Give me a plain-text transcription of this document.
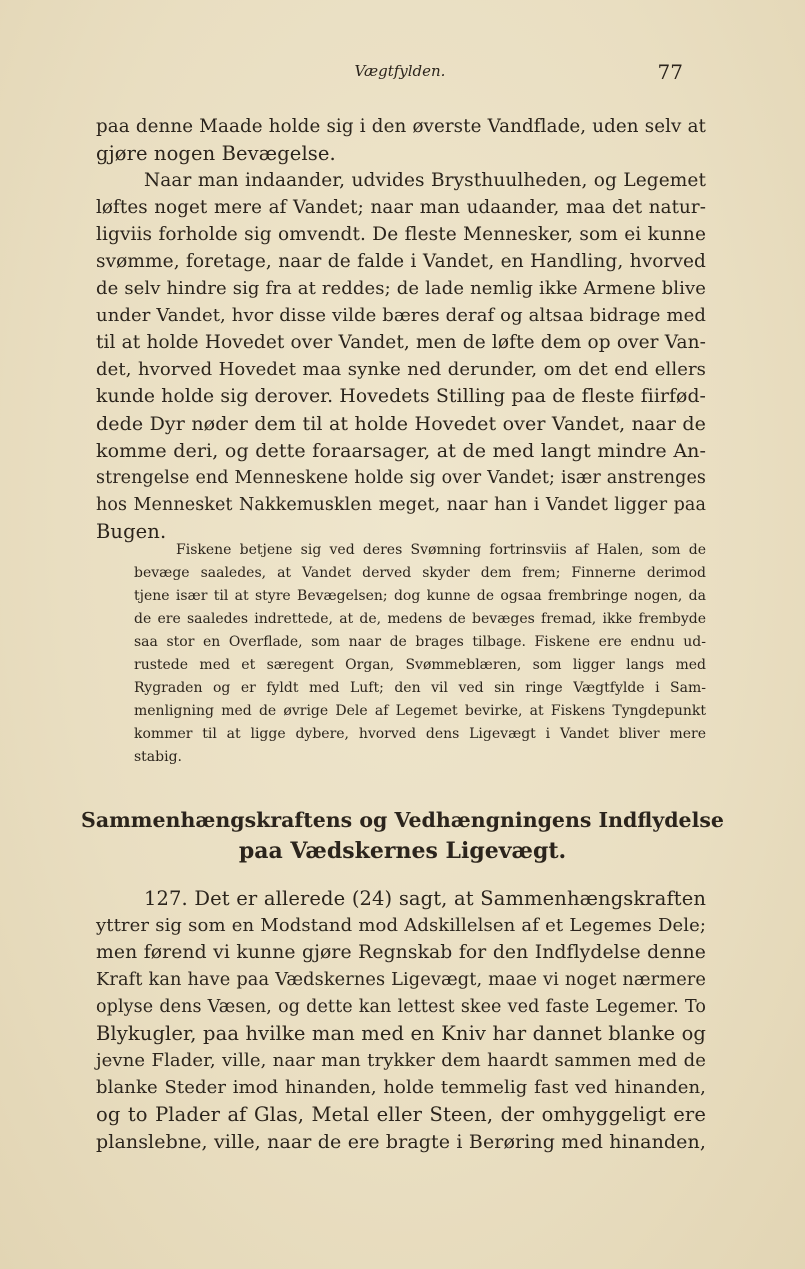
Vægtfylden.	77
paa denne Maade holde sig i den øverste Vandflade, uden selv at
gjøre nogen Bevægelse.
Naar man indaander, udvides Brysthuulheden, og Legemet
løftes noget mere af Vandet; naar man udaander, maa det natur-
ligviis forholde sig omvendt. De fleste Mennesker, som ei kunne
svømme, foretage, naar de falde i Vandet, en Handling, hvorved
de selv hindre sig fra at reddes; de lade nemlig ikke Armene blive
under Vandet, hvor disse vilde bæres deraf og altsaa bidrage med
til at holde Hovedet over Vandet, men de løfte dem op over Van-
det, hvorved Hovedet maa synke ned derunder, om det end ellers
kunde holde sig derover. Hovedets Stilling paa de fleste fiirfød-
dede Dyr nøder dem til at holde Hovedet over Vandet, naar de
komme deri, og dette foraarsager, at de med langt mindre An-
strengelse end Menneskene holde sig over Vandet; især anstrenges
hos Mennesket Nakkemusklen meget, naar han i Vandet ligger paa
Bugen.
Fiskene betjene sig ved deres Svømning fortrinsviis af Halen, som de
bevæge saaledes, at Vandet derved skyder dem frem; Finnerne derimod
tjene især til at styre Bevægelsen; dog kunne de ogsaa frembringe nogen, da
de ere saaledes indrettede, at de, medens de bevæges fremad, ikke frembyde
saa stor en Overflade, som naar de brages tilbage. Fiskene ere endnu ud-
rustede med et særegent Organ, Svømmeblæren, som ligger langs med
Rygraden og er fyldt med Luft; den vil ved sin ringe Vægtfylde i Sam-
menligning med de øvrige Dele af Legemet bevirke, at Fiskens Tyngdepunkt
kommer til at ligge dybere, hvorved dens Ligevægt i Vandet bliver mere
stabig.
Sammenhængskraftens og Vedhængningens Indflydelse
paa Vædskernes Ligevægt.
127. Det er allerede (24) sagt, at Sammenhængskraften
yttrer sig som en Modstand mod Adskillelsen af et Legemes Dele;
men førend vi kunne gjøre Regnskab for den Indflydelse denne
Kraft kan have paa Vædskernes Ligevægt, maae vi noget nærmere
oplyse dens Væsen, og dette kan lettest skee ved faste Legemer. To
Blykugler, paa hvilke man med en Kniv har dannet blanke og
jevne Flader, ville, naar man trykker dem haardt sammen med de
blanke Steder imod hinanden, holde temmelig fast ved hinanden,
og to Plader af Glas, Metal eller Steen, der omhyggeligt ere
planslebne, ville, naar de ere bragte i Berøring med hinanden,
